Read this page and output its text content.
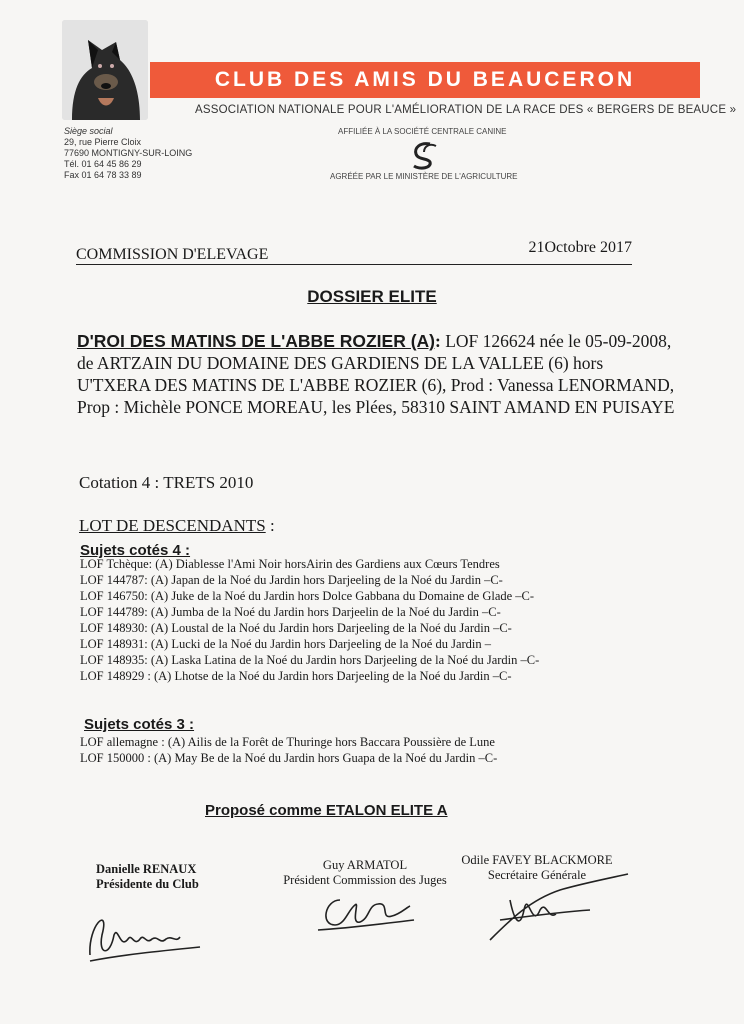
CLUB DES AMIS DU BEAUCERON
ASSOCIATION NATIONALE POUR L'AMÉLIORATION DE LA RACE DES « BERGERS DE BEAUCE »
AFFILIÉE À LA SOCIÉTÉ CENTRALE CANINE
AGRÉÉE PAR LE MINISTÈRE DE L'AGRICULTURE
Siège social
29, rue Pierre Cloix
77690 MONTIGNY-SUR-LOING
Tél. 01 64 45 86 29
Fax 01 64 78 33 89
COMMISSION D'ELEVAGE	21Octobre 2017
DOSSIER ELITE
D'ROI DES MATINS DE L'ABBE ROZIER (A): LOF 126624 née le 05-09-2008, de ARTZAIN DU DOMAINE DES GARDIENS DE LA VALLEE (6) hors U'TXERA DES MATINS DE L'ABBE ROZIER (6), Prod : Vanessa LENORMAND, Prop : Michèle PONCE MOREAU, les Plées, 58310 SAINT AMAND EN PUISAYE
Cotation 4 : TRETS 2010
LOT DE DESCENDANTS :
Sujets cotés 4 :
LOF Tchèque: (A) Diablesse l'Ami Noir horsAirin des Gardiens aux Cœurs Tendres
LOF 144787: (A) Japan de la Noé du Jardin hors Darjeeling de la Noé du Jardin –C-
LOF 146750: (A) Juke de la Noé du Jardin hors Dolce Gabbana du Domaine de Glade –C-
LOF 144789: (A) Jumba de la Noé du Jardin hors Darjeelin de la Noé du Jardin –C-
LOF 148930: (A) Loustal de la Noé du Jardin hors Darjeeling de la Noé du Jardin –C-
LOF 148931: (A) Lucki de la Noé du Jardin hors Darjeeling de la Noé du Jardin –
LOF 148935: (A) Laska Latina de la Noé du Jardin hors Darjeeling de la Noé du Jardin –C-
LOF 148929 : (A) Lhotse de la Noé du Jardin hors Darjeeling de la Noé du Jardin –C-
Sujets cotés 3 :
LOF allemagne : (A) Ailis de la Forêt de Thuringe hors Baccara Poussière de Lune
LOF 150000 : (A) May Be de la Noé du Jardin hors Guapa de la Noé du Jardin –C-
Proposé comme ETALON ELITE A
Danielle RENAUX
Présidente du Club
Guy ARMATOL
Président Commission des Juges
Odile FAVEY BLACKMORE
Secrétaire Générale
